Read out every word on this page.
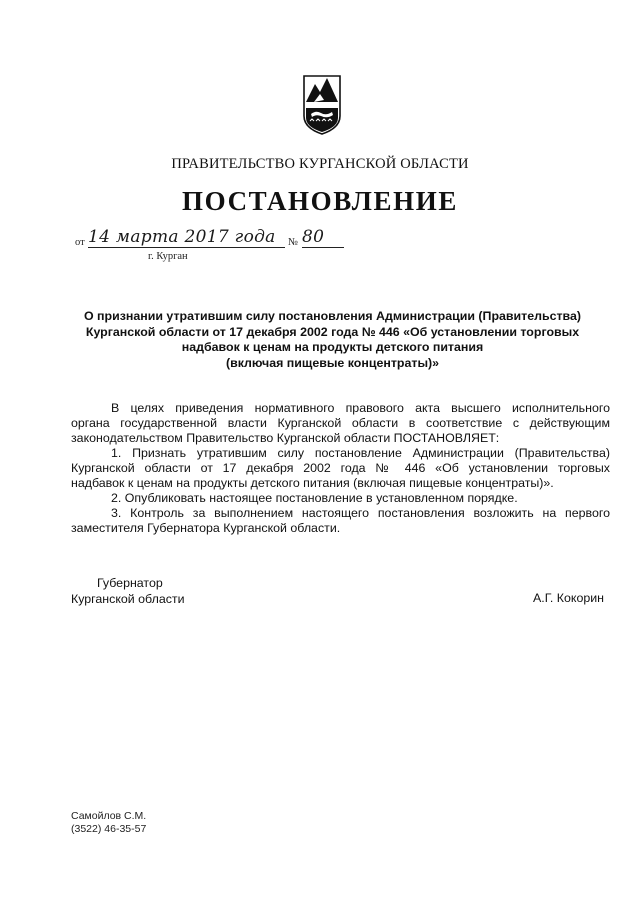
ПРАВИТЕЛЬСТВО КУРГАНСКОЙ ОБЛАСТИ
ПОСТАНОВЛЕНИЕ
от 14 марта 2017 года	№ 80
г. Курган
О признании утратившим силу постановления Администрации (Правительства)
Курганской области от 17 декабря 2002 года № 446 «Об установлении торговых
надбавок к ценам на продукты детского питания
(включая пищевые концентраты)»
В целях приведения нормативного правового акта высшего исполнительного
органа государственной власти Курганской области в соответствие с действующим
законодательством Правительство Курганской области ПОСТАНОВЛЯЕТ:
1. Признать утратившим силу постановление Администрации (Правительства)
Курганской области от 17 декабря 2002 года № 446 «Об установлении торговых
надбавок к ценам на продукты детского питания (включая пищевые концентраты)».
2. Опубликовать настоящее постановление в установленном порядке.
3. Контроль за выполнением настоящего постановления возложить на первого
заместителя Губернатора Курганской области.
Губернатор
Курганской области	А.Г. Кокорин
Самойлов С.М.
(3522) 46-35-57
